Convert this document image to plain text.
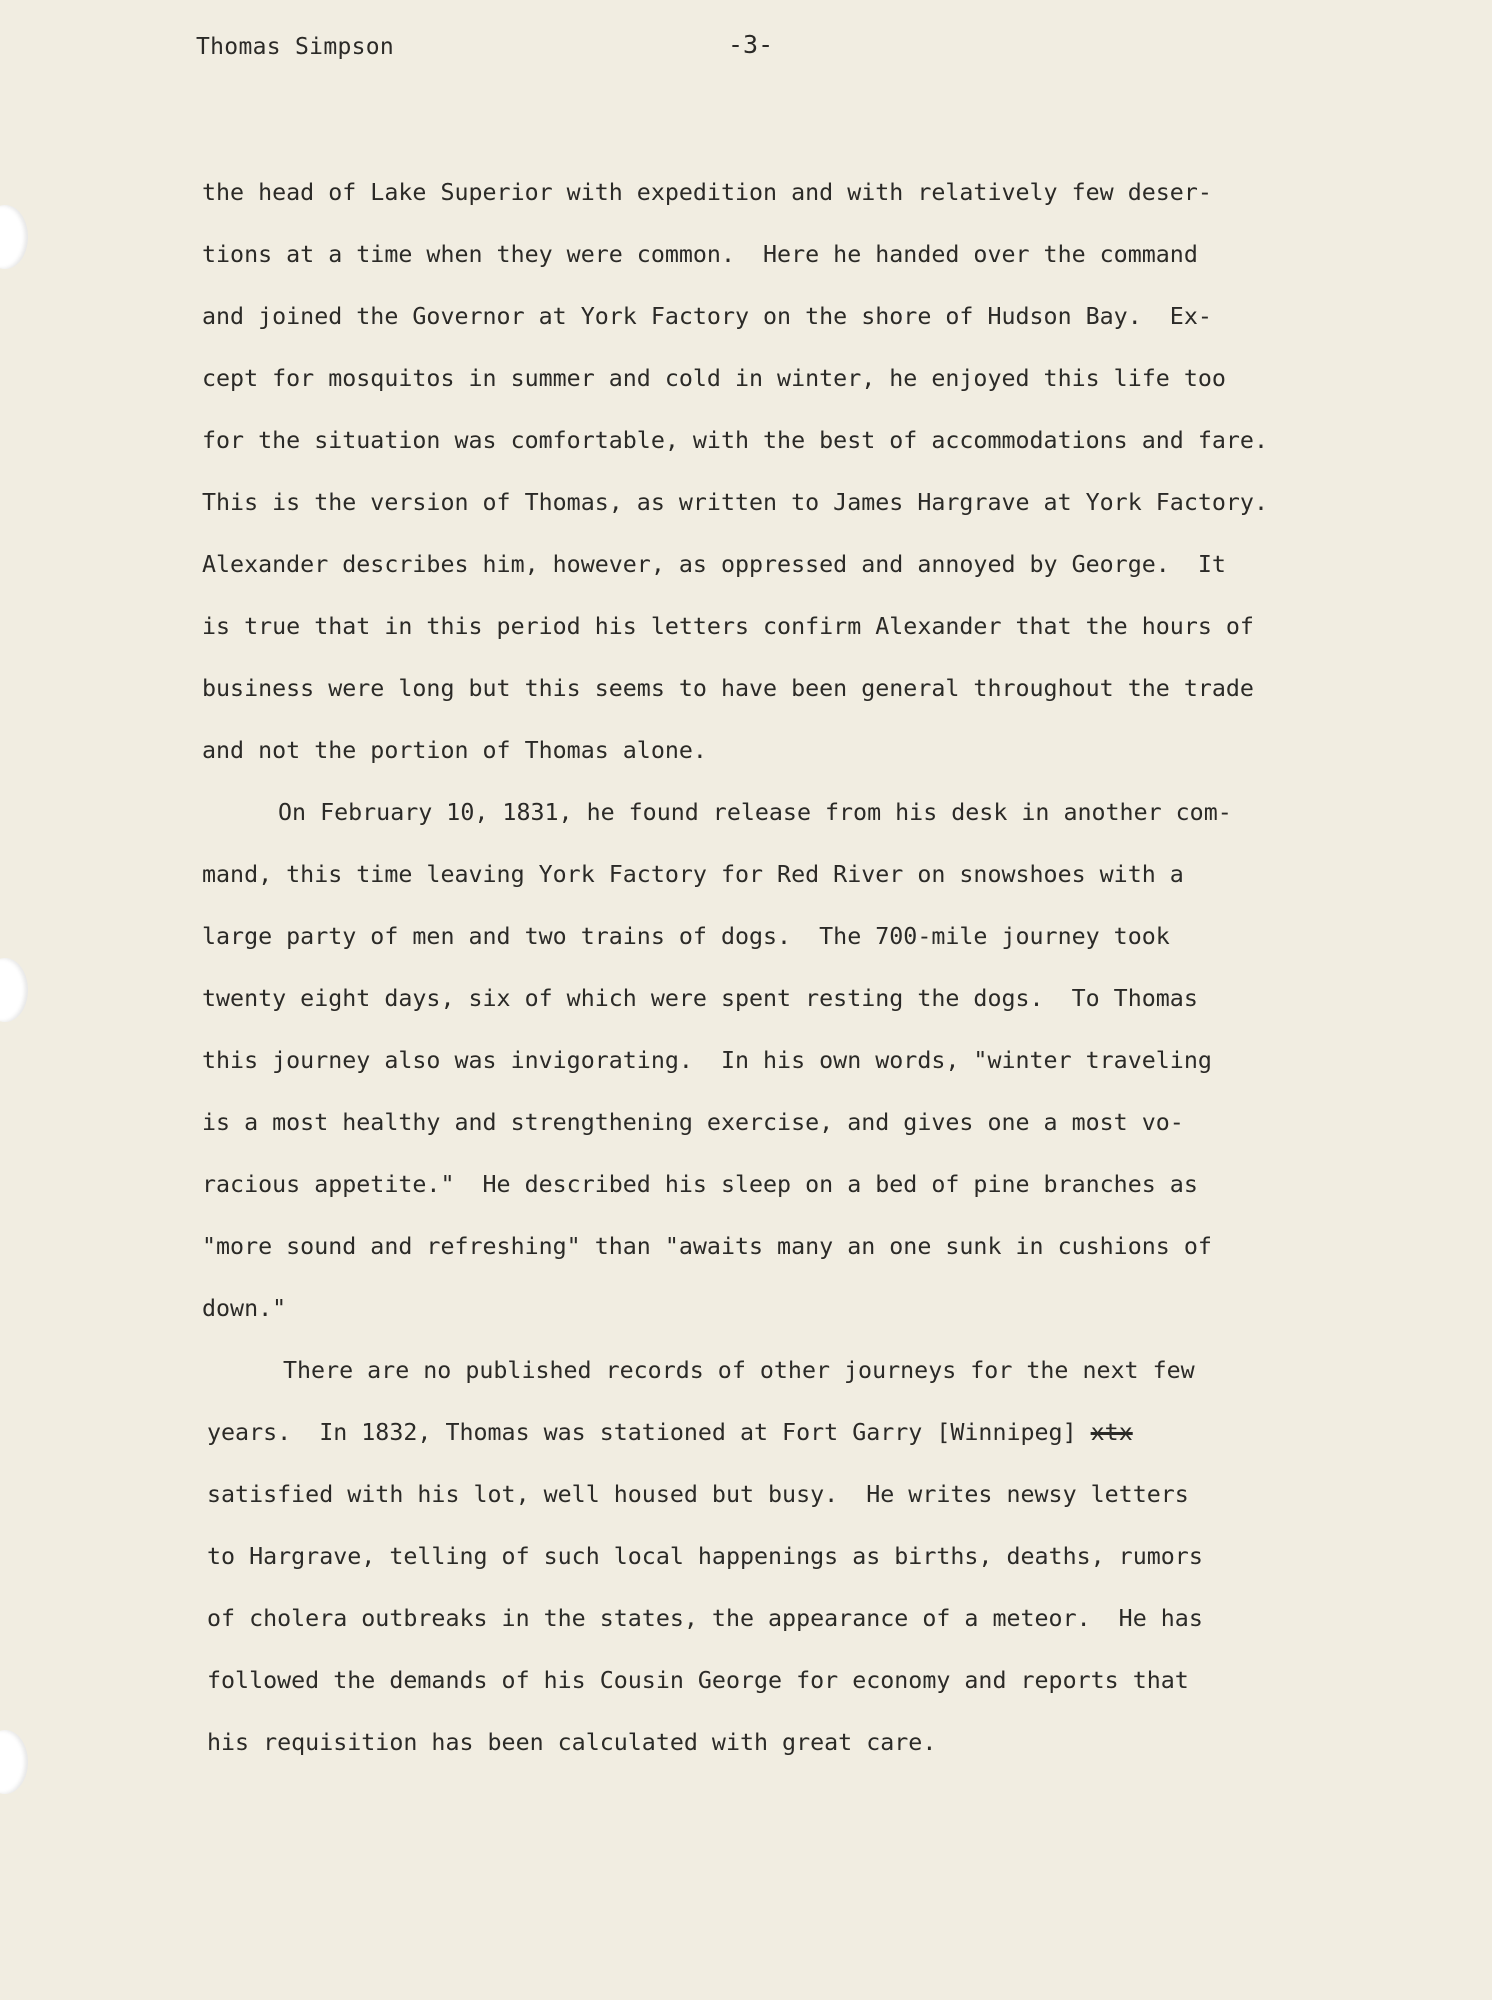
Thomas Simpson	-3-

the head of Lake Superior with expedition and with relatively few deser-

tions at a time when they were common.  Here he handed over the command

and joined the Governor at York Factory on the shore of Hudson Bay.  Ex-

cept for mosquitos in summer and cold in winter, he enjoyed this life too

for the situation was comfortable, with the best of accommodations and fare.

This is the version of Thomas, as written to James Hargrave at York Factory.

Alexander describes him, however, as oppressed and annoyed by George.  It

is true that in this period his letters confirm Alexander that the hours of

business were long but this seems to have been general throughout the trade

and not the portion of Thomas alone.

On February 10, 1831, he found release from his desk in another com-

mand, this time leaving York Factory for Red River on snowshoes with a

large party of men and two trains of dogs.  The 700-mile journey took

twenty eight days, six of which were spent resting the dogs.  To Thomas

this journey also was invigorating.  In his own words, "winter traveling

is a most healthy and strengthening exercise, and gives one a most vo-

racious appetite."  He described his sleep on a bed of pine branches as

"more sound and refreshing" than "awaits many an one sunk in cushions of

down."

There are no published records of other journeys for the next few

years.  In 1832, Thomas was stationed at Fort Garry [Winnipeg] xtx

satisfied with his lot, well housed but busy.  He writes newsy letters

to Hargrave, telling of such local happenings as births, deaths, rumors

of cholera outbreaks in the states, the appearance of a meteor.  He has

followed the demands of his Cousin George for economy and reports that

his requisition has been calculated with great care.
